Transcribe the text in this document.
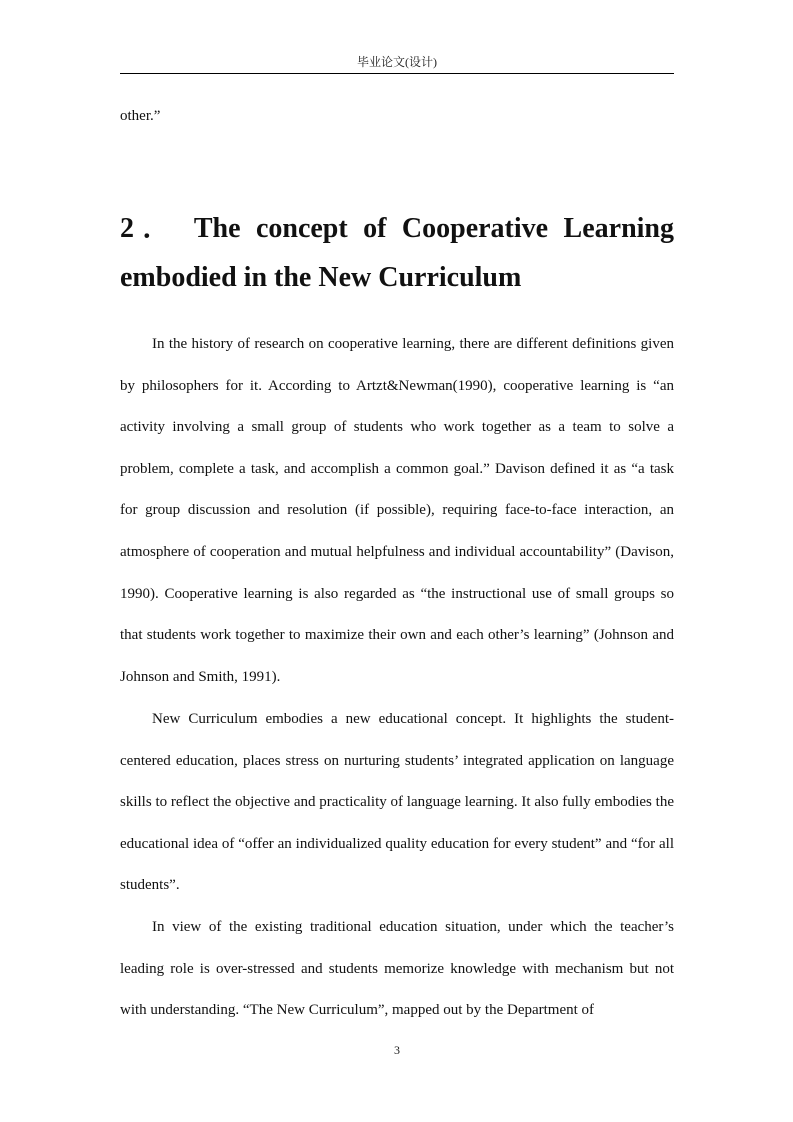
毕业论文(设计)
other.”
2． The concept of Cooperative Learning
embodied in the New Curriculum

In the history of research on cooperative learning, there are different definitions given by philosophers for it. According to Artzt&Newman(1990), cooperative learning is “an activity involving a small group of students who work together as a team to solve a problem, complete a task, and accomplish a common goal.” Davison defined it as “a task for group discussion and resolution (if possible), requiring face-to-face interaction, an atmosphere of cooperation and mutual helpfulness and individual accountability” (Davison, 1990). Cooperative learning is also regarded as “the instructional use of small groups so that students work together to maximize their own and each other’s learning” (Johnson and Johnson and Smith, 1991).

New Curriculum embodies a new educational concept. It highlights the student-centered education, places stress on nurturing students’ integrated application on language skills to reflect the objective and practicality of language learning. It also fully embodies the educational idea of “offer an individualized quality education for every student” and “for all students”.

In view of the existing traditional education situation, under which the teacher’s leading role is over-stressed and students memorize knowledge with mechanism but not with understanding. “The New Curriculum”, mapped out by the Department of

3
